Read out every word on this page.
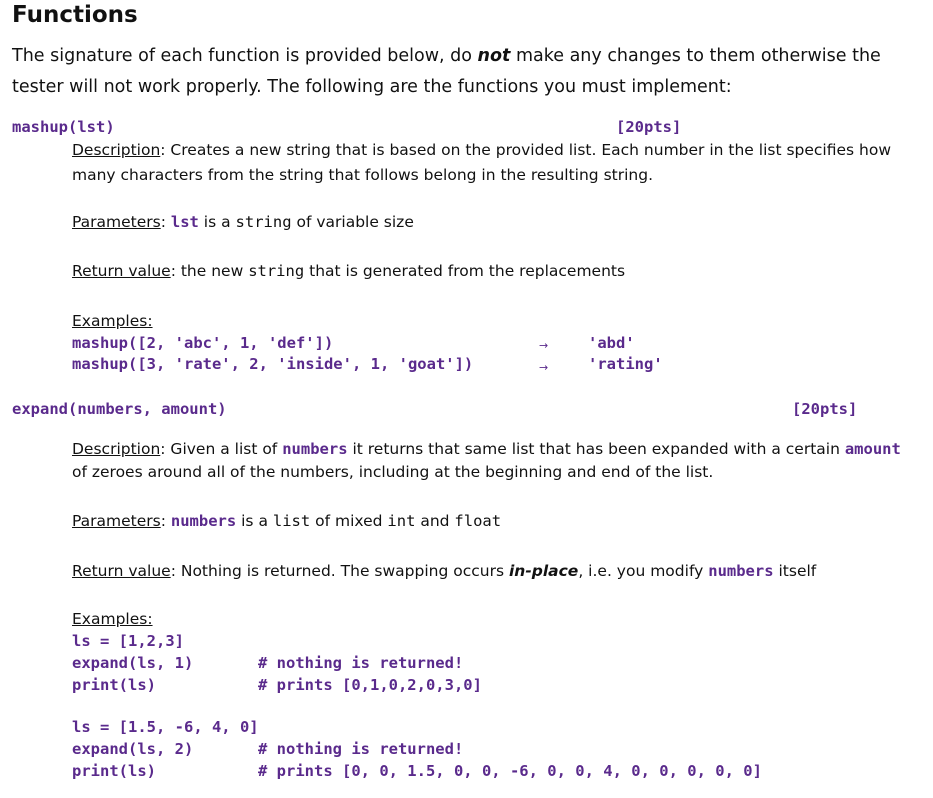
Functions
The signature of each function is provided below, do not make any changes to them otherwise the
tester will not work properly. The following are the functions you must implement:
mashup(lst)	[20pts]
Description: Creates a new string that is based on the provided list. Each number in the list specifies how
many characters from the string that follows belong in the resulting string.
Parameters: lst is a string of variable size
Return value: the new string that is generated from the replacements
Examples:
mashup([2, 'abc', 1, 'def'])	→	'abd'
mashup([3, 'rate', 2, 'inside', 1, 'goat'])	→	'rating'
expand(numbers, amount)	[20pts]
Description: Given a list of numbers it returns that same list that has been expanded with a certain amount
of zeroes around all of the numbers, including at the beginning and end of the list.
Parameters: numbers is a list of mixed int and float
Return value: Nothing is returned. The swapping occurs in-place, i.e. you modify numbers itself
Examples:
ls = [1,2,3]
expand(ls, 1)	# nothing is returned!
print(ls)	# prints [0,1,0,2,0,3,0]
ls = [1.5, -6, 4, 0]
expand(ls, 2)	# nothing is returned!
print(ls)	# prints [0, 0, 1.5, 0, 0, -6, 0, 0, 4, 0, 0, 0, 0, 0]
